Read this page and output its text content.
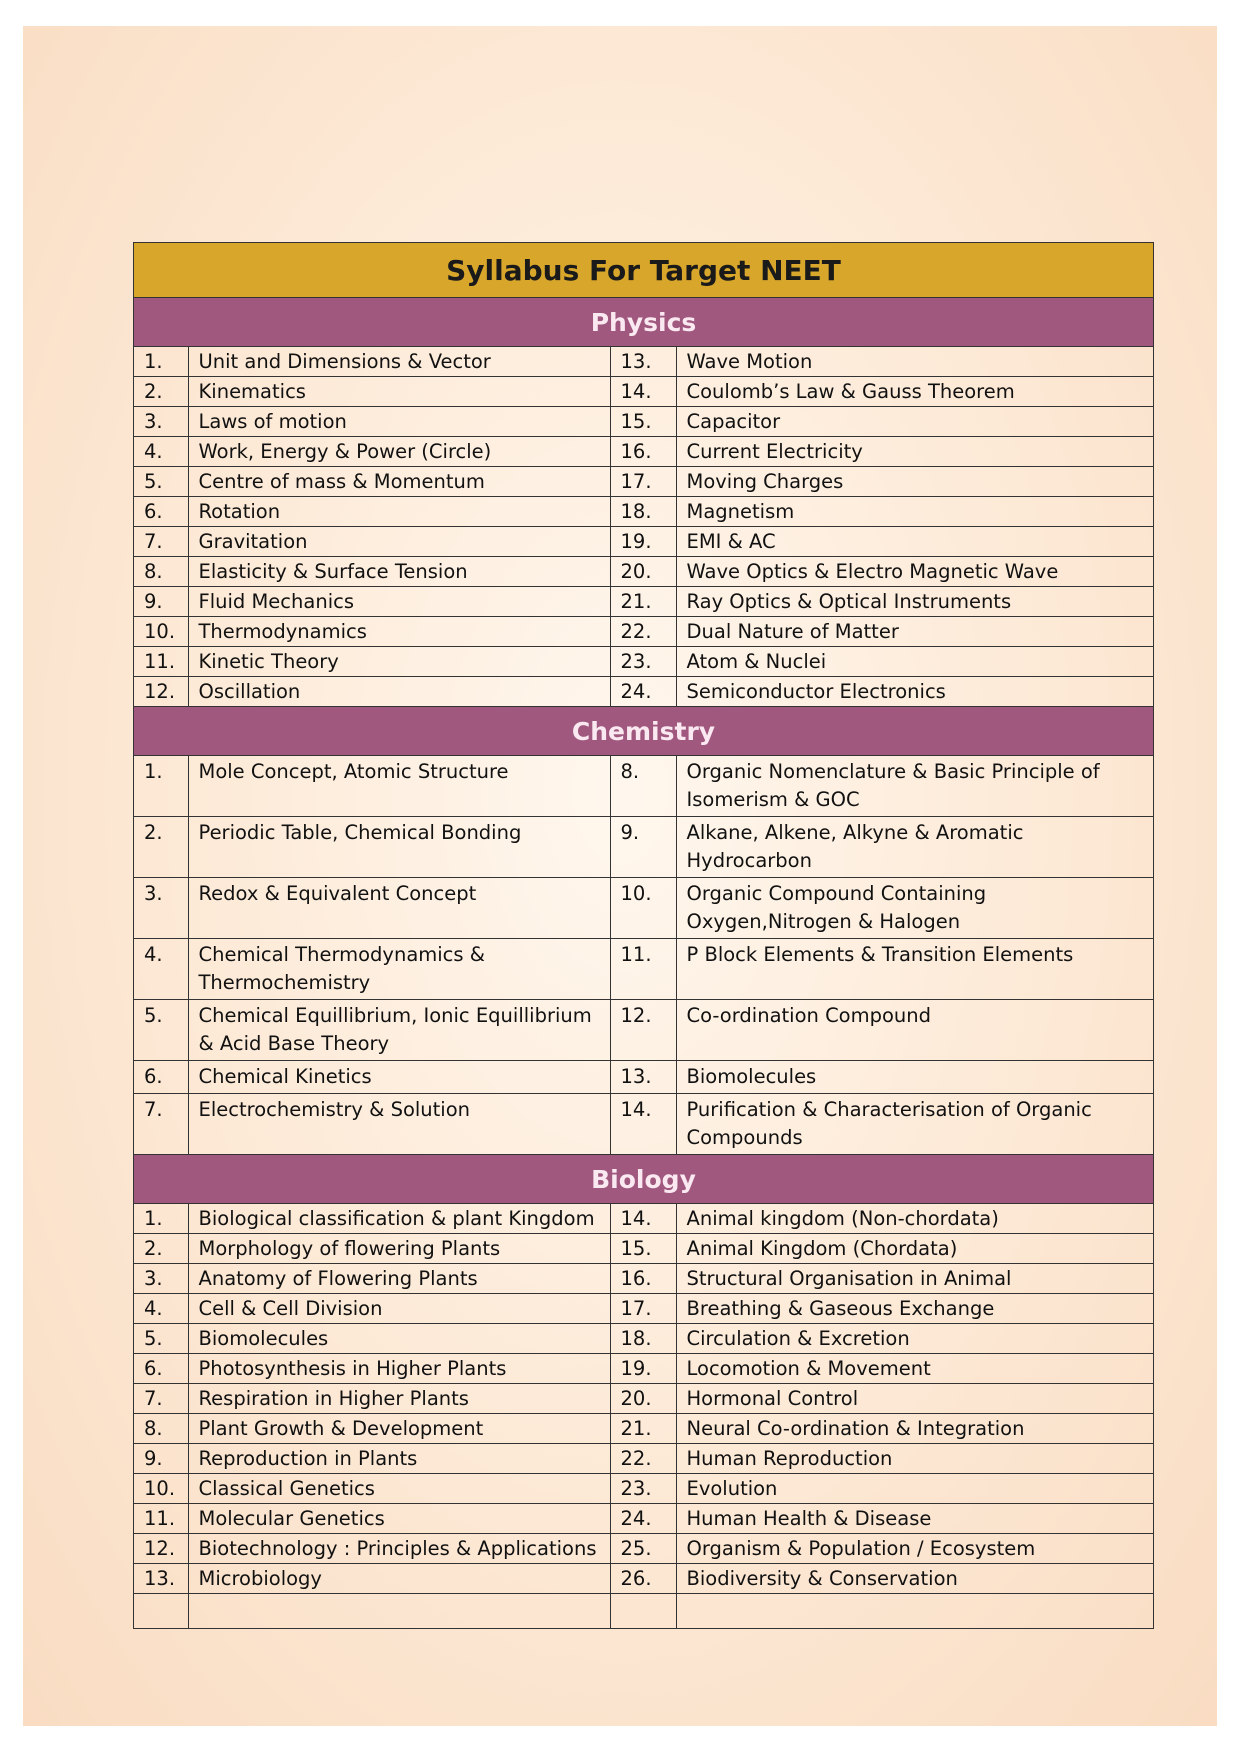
Syllabus For Target NEET
Physics
1.	Unit and Dimensions & Vector	13.	Wave Motion
2.	Kinematics	14.	Coulomb’s Law & Gauss Theorem
3.	Laws of motion	15.	Capacitor
4.	Work, Energy & Power (Circle)	16.	Current Electricity
5.	Centre of mass & Momentum	17.	Moving Charges
6.	Rotation	18.	Magnetism
7.	Gravitation	19.	EMI & AC
8.	Elasticity & Surface Tension	20.	Wave Optics & Electro Magnetic Wave
9.	Fluid Mechanics	21.	Ray Optics & Optical Instruments
10.	Thermodynamics	22.	Dual Nature of Matter
11.	Kinetic Theory	23.	Atom & Nuclei
12.	Oscillation	24.	Semiconductor Electronics
Chemistry
1.	Mole Concept, Atomic Structure	8.	Organic Nomenclature & Basic Principle of Isomerism & GOC
2.	Periodic Table, Chemical Bonding	9.	Alkane, Alkene, Alkyne & Aromatic Hydrocarbon
3.	Redox & Equivalent Concept	10.	Organic Compound Containing Oxygen,Nitrogen & Halogen
4.	Chemical Thermodynamics & Thermochemistry	11.	P Block Elements & Transition Elements
5.	Chemical Equillibrium, Ionic Equillibrium & Acid Base Theory	12.	Co-ordination Compound
6.	Chemical Kinetics	13.	Biomolecules
7.	Electrochemistry & Solution	14.	Purification & Characterisation of Organic Compounds
Biology
1.	Biological classification & plant Kingdom	14.	Animal kingdom (Non-chordata)
2.	Morphology of flowering Plants	15.	Animal Kingdom (Chordata)
3.	Anatomy of Flowering Plants	16.	Structural Organisation in Animal
4.	Cell & Cell Division	17.	Breathing & Gaseous Exchange
5.	Biomolecules	18.	Circulation & Excretion
6.	Photosynthesis in Higher Plants	19.	Locomotion & Movement
7.	Respiration in Higher Plants	20.	Hormonal Control
8.	Plant Growth & Development	21.	Neural Co-ordination & Integration
9.	Reproduction in Plants	22.	Human Reproduction
10.	Classical Genetics	23.	Evolution
11.	Molecular Genetics	24.	Human Health & Disease
12.	Biotechnology : Principles & Applications	25.	Organism & Population / Ecosystem
13.	Microbiology	26.	Biodiversity & Conservation
